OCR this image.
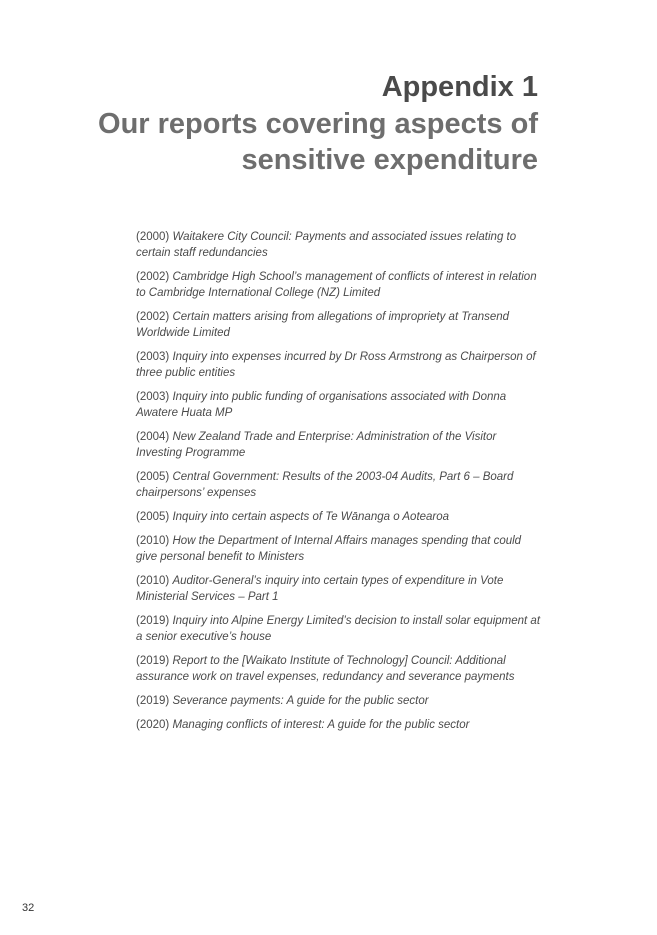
Appendix 1
Our reports covering aspects of
sensitive expenditure
(2000) Waitakere City Council: Payments and associated issues relating to certain staff redundancies
(2002) Cambridge High School’s management of conflicts of interest in relation to Cambridge International College (NZ) Limited
(2002) Certain matters arising from allegations of impropriety at Transend Worldwide Limited
(2003) Inquiry into expenses incurred by Dr Ross Armstrong as Chairperson of three public entities
(2003) Inquiry into public funding of organisations associated with Donna Awatere Huata MP
(2004) New Zealand Trade and Enterprise: Administration of the Visitor Investing Programme
(2005) Central Government: Results of the 2003-04 Audits, Part 6 – Board chairpersons’ expenses
(2005) Inquiry into certain aspects of Te Wānanga o Aotearoa
(2010) How the Department of Internal Affairs manages spending that could give personal benefit to Ministers
(2010) Auditor-General’s inquiry into certain types of expenditure in Vote Ministerial Services – Part 1
(2019) Inquiry into Alpine Energy Limited’s decision to install solar equipment at a senior executive’s house
(2019) Report to the [Waikato Institute of Technology] Council: Additional assurance work on travel expenses, redundancy and severance payments
(2019) Severance payments: A guide for the public sector
(2020) Managing conflicts of interest: A guide for the public sector
32
